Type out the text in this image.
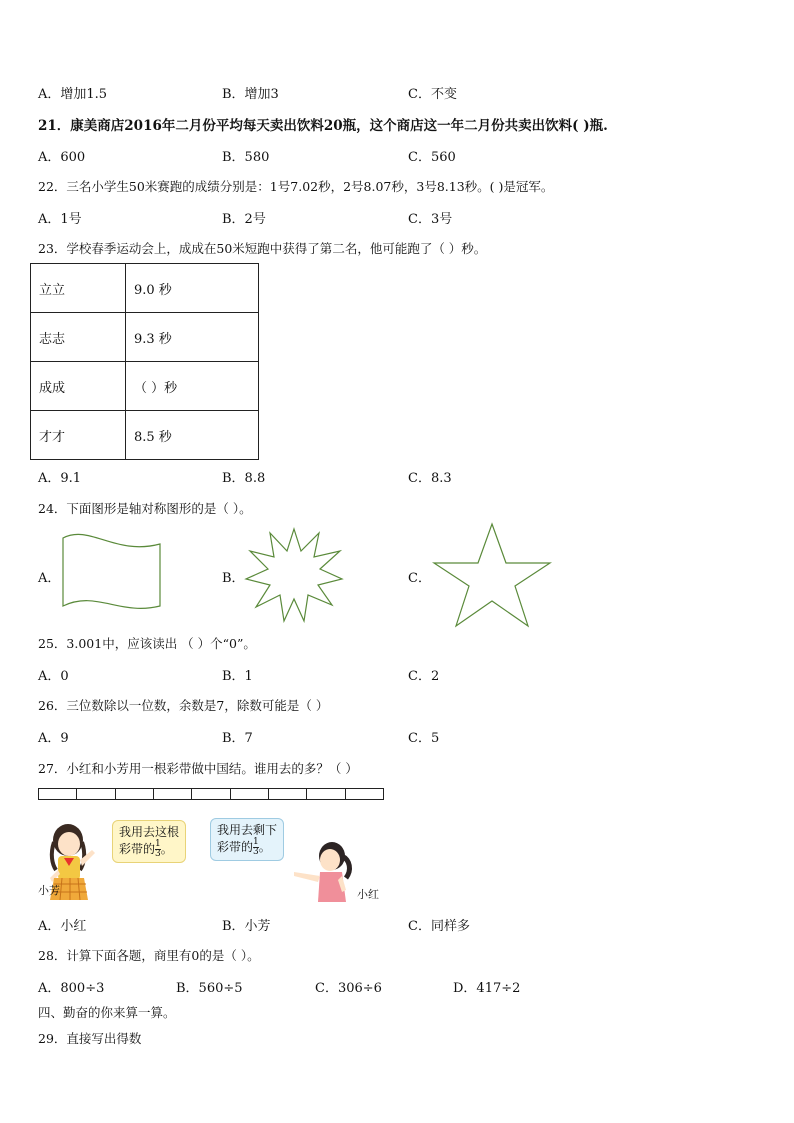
A．增加1.5	B．增加3	C．不变
21．康美商店2016年二月份平均每天卖出饮料20瓶，这个商店这一年二月份共卖出饮料( )瓶.
A．600	B．580	C．560
22．三名小学生50米赛跑的成绩分别是：1号7.02秒，2号8.07秒，3号8.13秒。( )是冠军。
A．1号	B．2号	C．3号
23．学校春季运动会上，成成在50米短跑中获得了第二名，他可能跑了（ ）秒。
立立	9.0 秒
志志	9.3 秒
成成	（ ）秒
才才	8.5 秒
A．9.1	B．8.8	C．8.3
24．下面图形是轴对称图形的是（ ）。
A．	B．	C．
25．3.001中，应该读出 （ ）个“0”。
A．0	B．1	C．2
26．三位数除以一位数，余数是7，除数可能是（ ）
A．9	B．7	C．5
27．小红和小芳用一根彩带做中国结。谁用去的多？（ ）
小芳
我用去这根
彩带的 $\frac{1}{3}$ 。
我用去剩下
彩带的 $\frac{1}{3}$ 。
小红
A．小红	B．小芳	C．同样多
28．计算下面各题，商里有0的是（ ）。
A．800÷3	B．560÷5	C．306÷6	D．417÷2
四、勤奋的你来算一算。
29．直接写出得数
